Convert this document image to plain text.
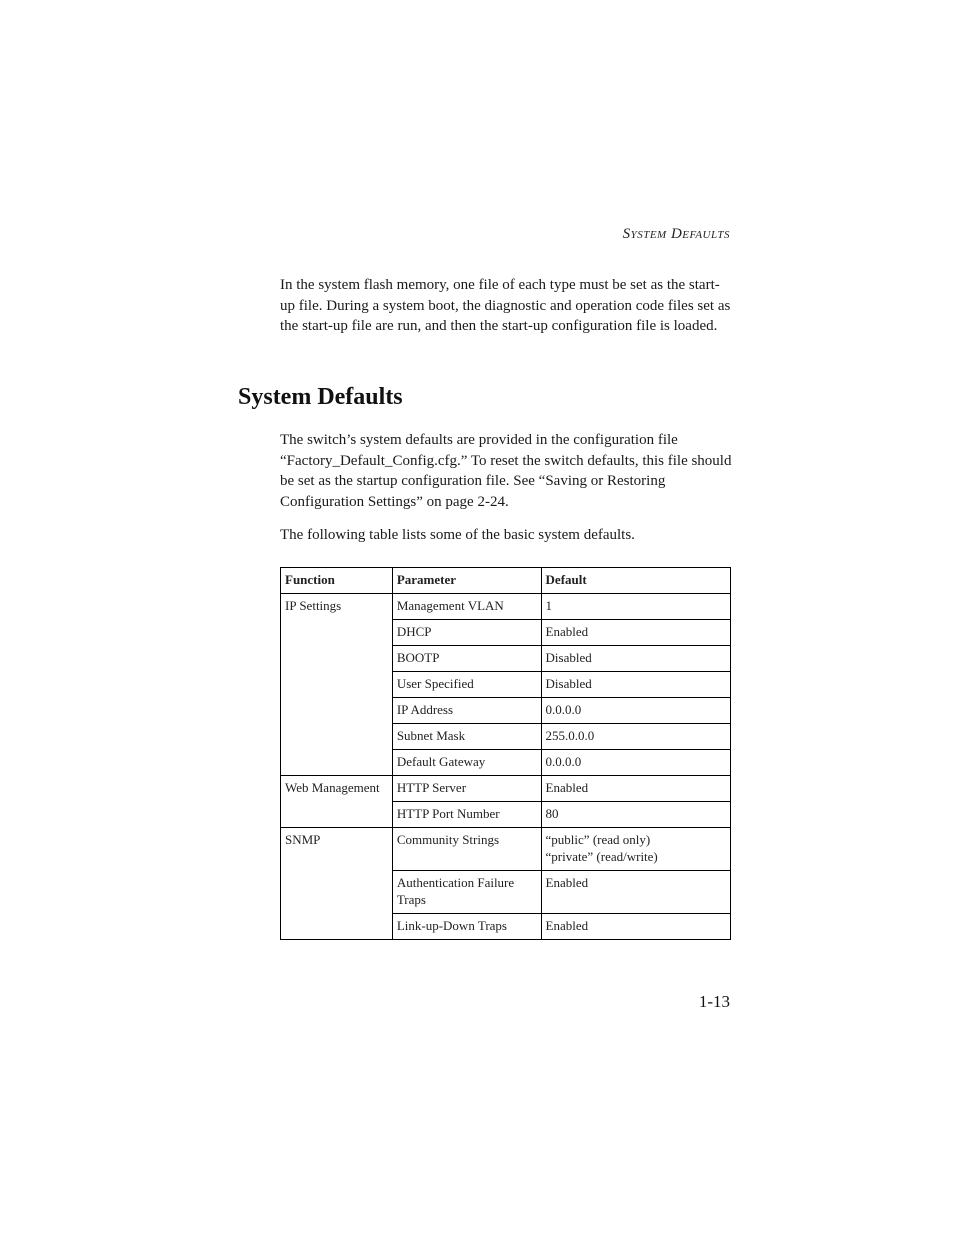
System Defaults

In the system flash memory, one file of each type must be set as the start-up file. During a system boot, the diagnostic and operation code files set as the start-up file are run, and then the start-up configuration file is loaded.

System Defaults

The switch’s system defaults are provided in the configuration file “Factory_Default_Config.cfg.” To reset the switch defaults, this file should be set as the startup configuration file. See “Saving or Restoring Configuration Settings” on page 2-24.

The following table lists some of the basic system defaults.

Function	Parameter	Default
IP Settings	Management VLAN	1
	DHCP	Enabled
	BOOTP	Disabled
	User Specified	Disabled
	IP Address	0.0.0.0
	Subnet Mask	255.0.0.0
	Default Gateway	0.0.0.0
Web Management	HTTP Server	Enabled
	HTTP Port Number	80
SNMP	Community Strings	“public” (read only)
“private” (read/write)

	Authentication Failure Traps	Enabled
	Link-up-Down Traps	Enabled
1-13
